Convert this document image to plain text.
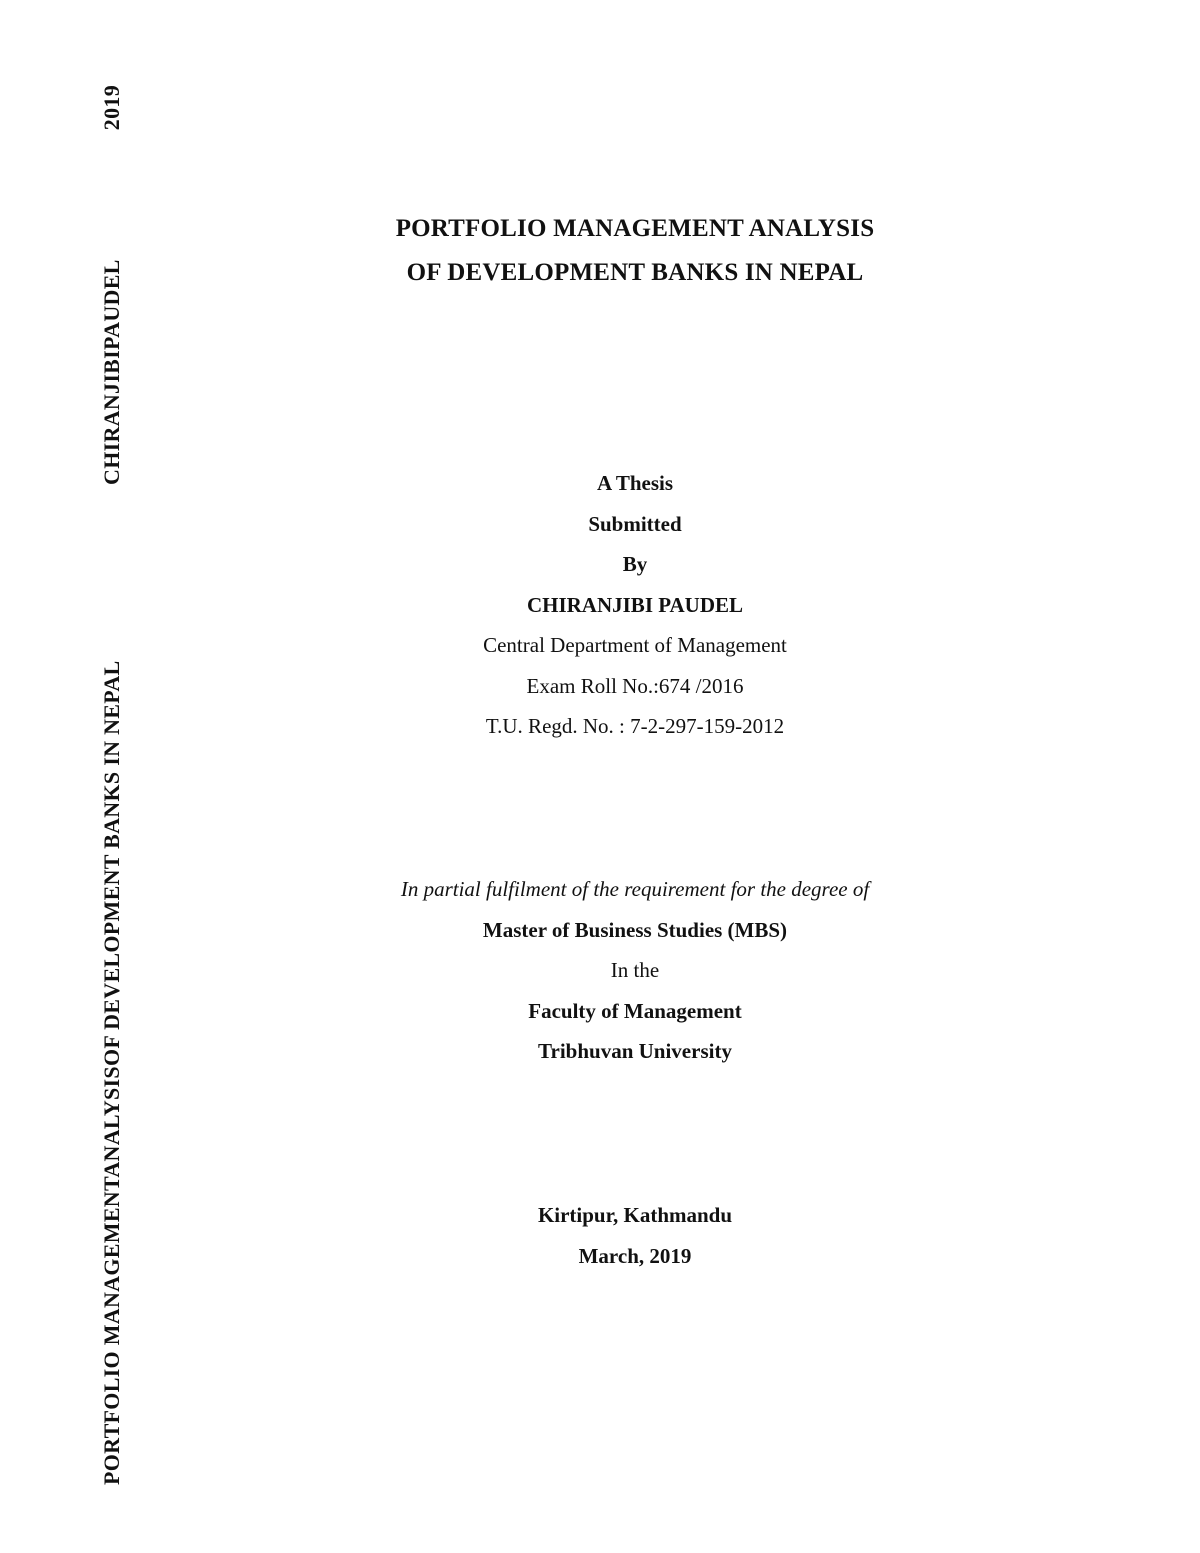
PORTFOLIO MANAGEMENTANALYSISOF DEVELOPMENT BANKS IN NEPAL
CHIRANJIBIPAUDEL
2019
PORTFOLIO MANAGEMENT ANALYSIS
OF DEVELOPMENT BANKS IN NEPAL
A Thesis
Submitted
By
CHIRANJIBI PAUDEL
Central Department of Management
Exam Roll No.:674 /2016
T.U. Regd. No. : 7-2-297-159-2012
In partial fulfilment of the requirement for the degree of
Master of Business Studies (MBS)
In the
Faculty of Management
Tribhuvan University
Kirtipur, Kathmandu
March, 2019
